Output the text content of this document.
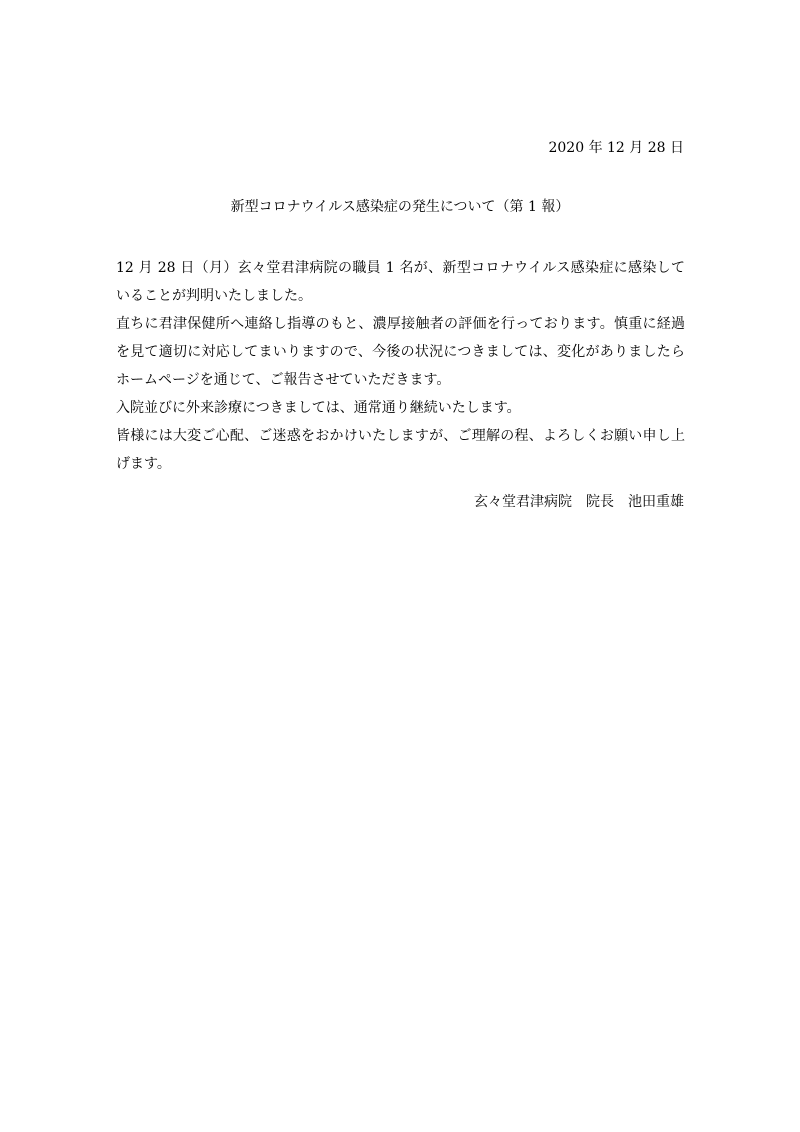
2020 年 12 月 28 日
新型コロナウイルス感染症の発生について（第 1 報）

12 月 28 日（月）玄々堂君津病院の職員 1 名が、新型コロナウイルス感染症に感染していることが判明いたしました。

直ちに君津保健所へ連絡し指導のもと、濃厚接触者の評価を行っております。慎重に経過を見て適切に対応してまいりますので、今後の状況につきましては、変化がありましたらホームページを通じて、ご報告させていただきます。

入院並びに外来診療につきましては、通常通り継続いたします。

皆様には大変ご心配、ご迷惑をおかけいたしますが、ご理解の程、よろしくお願い申し上げます。

玄々堂君津病院　院長　池田重雄
